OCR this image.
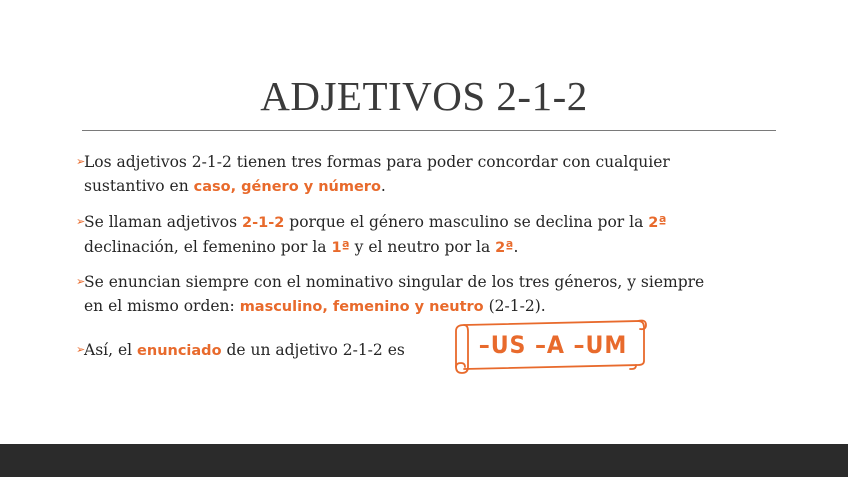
ADJETIVOS 2-1-2
➢
Los adjetivos 2-1-2 tienen tres formas para poder concordar con cualquier
sustantivo en caso, género y número.
➢
Se llaman adjetivos 2-1-2 porque el género masculino se declina por la 2ª
declinación, el femenino por la 1ª y el neutro por la 2ª.
➢
Se enuncian siempre con el nominativo singular de los tres géneros, y siempre
en el mismo orden: masculino, femenino y neutro (2-1-2).
➢
Así, el enunciado de un adjetivo 2-1-2 es	–US –A –UM
